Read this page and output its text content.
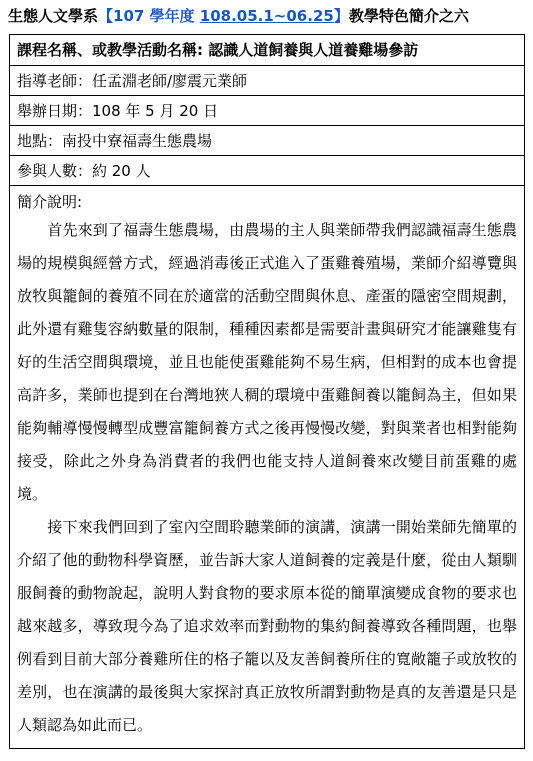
生態人文學系【107 學年度 108.05.1~06.25】教學特色簡介之六
課程名稱、或教學活動名稱: 認識人道飼養與人道養雞場參訪
指導老師：任孟淵老師/廖震元業師
舉辦日期：108 年 5 月 20 日
地點：南投中寮福壽生態農場
參與人數：約 20 人

簡介說明:
　　首先來到了福壽生態農場，由農場的主人與業師帶我們認識福壽生態農場的規模與經營方式，經過消毒後正式進入了蛋雞養殖場，業師介紹導覽與放牧與籠飼的養殖不同在於適當的活動空間與休息、產蛋的隱密空間規劃，此外還有雞隻容納數量的限制，種種因素都是需要計畫與研究才能讓雞隻有好的生活空間與環境，並且也能使蛋雞能夠不易生病，但相對的成本也會提高許多，業師也提到在台灣地狹人稠的環境中蛋雞飼養以籠飼為主，但如果能夠輔導慢慢轉型成豐富籠飼養方式之後再慢慢改變，對與業者也相對能夠接受，除此之外身為消費者的我們也能支持人道飼養來改變目前蛋雞的處境。
　　接下來我們回到了室內空間聆聽業師的演講，演講一開始業師先簡單的介紹了他的動物科學資歷，並告訴大家人道飼養的定義是什麼，從由人類馴服飼養的動物說起，說明人對食物的要求原本從的簡單演變成食物的要求也越來越多，導致現今為了追求效率而對動物的集約飼養導致各種問題，也舉例看到目前大部分養雞所住的格子籠以及友善飼養所住的寬敞籠子或放牧的差別，也在演講的最後與大家探討真正放牧所謂對動物是真的友善還是只是人類認為如此而已。
